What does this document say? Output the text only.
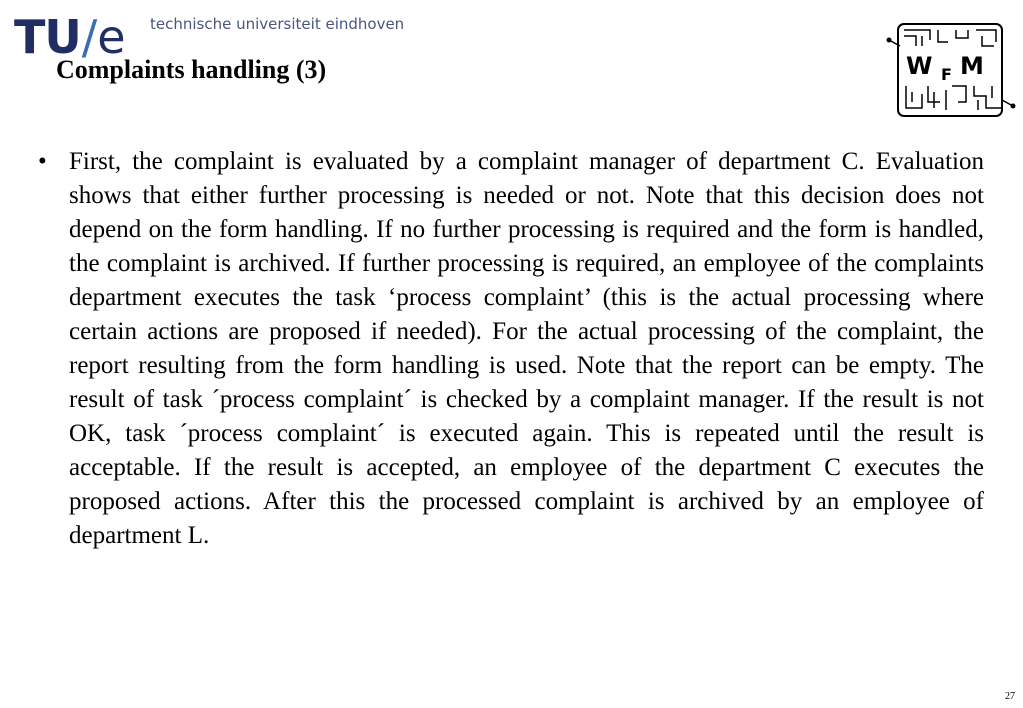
TU/e technische universiteit eindhoven
Complaints handling (3)	W F M
• First, the complaint is evaluated by a complaint manager of department C. Evaluation shows that either further processing is needed or not. Note that this decision does not depend on the form handling. If no further processing is required and the form is handled, the complaint is archived. If further processing is required, an employee of the complaints department executes the task ‘process complaint’ (this is the actual processing where certain actions are proposed if needed). For the actual processing of the complaint, the report resulting from the form handling is used. Note that the report can be empty. The result of task ´process complaint´ is checked by a complaint manager. If the result is not OK, task ´process complaint´ is executed again. This is repeated until the result is acceptable. If the result is accepted, an employee of the department C executes the proposed actions. After this the processed complaint is archived by an employee of department L.
27
